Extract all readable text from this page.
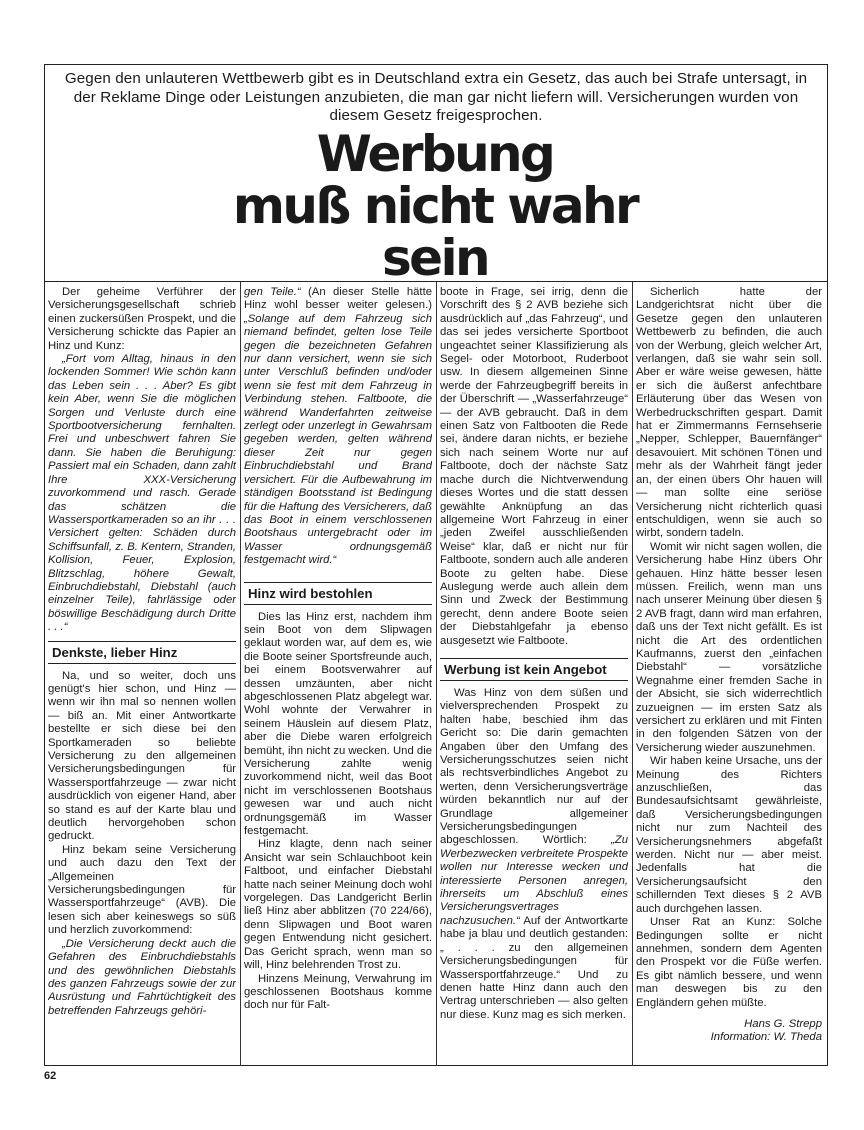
Gegen den unlauteren Wettbewerb gibt es in Deutschland extra ein Gesetz, das auch bei Strafe untersagt, in der Reklame Dinge oder Leistungen anzubieten, die man gar nicht liefern will. Versicherungen wurden von diesem Gesetz freigesprochen.
Werbung
muß nicht wahr
sein

Der geheime Verführer der Versicherungsgesellschaft schrieb einen zuckersüßen Prospekt, und die Versicherung schickte das Papier an Hinz und Kunz:

„Fort vom Alltag, hinaus in den lockenden Sommer! Wie schön kann das Leben sein . . . Aber? Es gibt kein Aber, wenn Sie die möglichen Sorgen und Verluste durch eine Sportbootversicherung fernhalten. Frei und unbeschwert fahren Sie dann. Sie haben die Beruhigung: Passiert mal ein Schaden, dann zahlt Ihre XXX-Versicherung zuvorkommend und rasch. Gerade das schätzen die Wassersportkameraden so an ihr . . . Versichert gelten: Schäden durch Schiffsunfall, z. B. Kentern, Stranden, Kollision, Feuer, Explosion, Blitzschlag, höhere Gewalt, Einbruchdiebstahl, Diebstahl (auch einzelner Teile), fahrlässige oder böswillige Beschädigung durch Dritte . . .“

Denkste, lieber Hinz

Na, und so weiter, doch uns genügt's hier schon, und Hinz — wenn wir ihn mal so nennen wollen — biß an. Mit einer Antwortkarte bestellte er sich diese bei den Sportkameraden so beliebte Versicherung zu den allgemeinen Versicherungsbedingungen für Wassersportfahrzeuge — zwar nicht ausdrücklich von eigener Hand, aber so stand es auf der Karte blau und deutlich hervorgehoben schon gedruckt.

Hinz bekam seine Versicherung und auch dazu den Text der „Allgemeinen Versicherungsbedingungen für Wassersportfahrzeuge“ (AVB). Die lesen sich aber keineswegs so süß und herzlich zuvorkommend:

„Die Versicherung deckt auch die Gefahren des Einbruchdiebstahls und des gewöhnlichen Diebstahls des ganzen Fahrzeugs sowie der zur Ausrüstung und Fahrtüchtigkeit des betreffenden Fahrzeugs gehöri-

gen Teile.“ (An dieser Stelle hätte Hinz wohl besser weiter gelesen.) „Solange auf dem Fahrzeug sich niemand befindet, gelten lose Teile gegen die bezeichneten Gefahren nur dann versichert, wenn sie sich unter Verschluß befinden und/oder wenn sie fest mit dem Fahrzeug in Verbindung stehen. Faltboote, die während Wanderfahrten zeitweise zerlegt oder unzerlegt in Gewahrsam gegeben werden, gelten während dieser Zeit nur gegen Einbruchdiebstahl und Brand versichert. Für die Aufbewahrung im ständigen Bootsstand ist Bedingung für die Haftung des Versicherers, daß das Boot in einem verschlossenen Bootshaus untergebracht oder im Wasser ordnungsgemäß festgemacht wird.“

Hinz wird bestohlen

Dies las Hinz erst, nachdem ihm sein Boot von dem Slipwagen geklaut worden war, auf dem es, wie die Boote seiner Sportsfreunde auch, bei einem Bootsverwahrer auf dessen umzäunten, aber nicht abgeschlossenen Platz abgelegt war. Wohl wohnte der Verwahrer in seinem Häuslein auf diesem Platz, aber die Diebe waren erfolgreich bemüht, ihn nicht zu wecken. Und die Versicherung zahlte wenig zuvorkommend nicht, weil das Boot nicht im verschlossenen Bootshaus gewesen war und auch nicht ordnungsgemäß im Wasser festgemacht.

Hinz klagte, denn nach seiner Ansicht war sein Schlauchboot kein Faltboot, und einfacher Diebstahl hatte nach seiner Meinung doch wohl vorgelegen. Das Landgericht Berlin ließ Hinz aber abblitzen (70 224/66), denn Slipwagen und Boot waren gegen Entwendung nicht gesichert. Das Gericht sprach, wenn man so will, Hinz belehrenden Trost zu.

Hinzens Meinung, Verwahrung im geschlossenen Bootshaus komme doch nur für Falt-

boote in Frage, sei irrig, denn die Vorschrift des § 2 AVB beziehe sich ausdrücklich auf „das Fahrzeug“, und das sei jedes versicherte Sportboot ungeachtet seiner Klassifizierung als Segel- oder Motorboot, Ruderboot usw. In diesem allgemeinen Sinne werde der Fahrzeugbegriff bereits in der Überschrift — „Wasserfahrzeuge“ — der AVB gebraucht. Daß in dem einen Satz von Faltbooten die Rede sei, ändere daran nichts, er beziehe sich nach seinem Worte nur auf Faltboote, doch der nächste Satz mache durch die Nichtverwendung dieses Wortes und die statt dessen gewählte Anknüpfung an das allgemeine Wort Fahrzeug in einer „jeden Zweifel ausschließenden Weise“ klar, daß er nicht nur für Faltboote, sondern auch alle anderen Boote zu gelten habe. Diese Auslegung werde auch allein dem Sinn und Zweck der Bestimmung gerecht, denn andere Boote seien der Diebstahlgefahr ja ebenso ausgesetzt wie Faltboote.

Werbung ist kein Angebot

Was Hinz von dem süßen und vielversprechenden Prospekt zu halten habe, beschied ihm das Gericht so: Die darin gemachten Angaben über den Umfang des Versicherungsschutzes seien nicht als rechtsverbindliches Angebot zu werten, denn Versicherungsverträge würden bekanntlich nur auf der Grundlage allgemeiner Versicherungsbedingungen abgeschlossen. Wörtlich: „Zu Werbezwecken verbreitete Prospekte wollen nur Interesse wecken und interessierte Personen anregen, ihrerseits um Abschluß eines Versicherungsvertrages nachzusuchen.“ Auf der Antwortkarte habe ja blau und deutlich gestanden: „ . . . zu den allgemeinen Versicherungsbedingungen für Wassersportfahrzeuge.“ Und zu denen hatte Hinz dann auch den Vertrag unterschrieben — also gelten nur diese. Kunz mag es sich merken.

Sicherlich hatte der Landgerichtsrat nicht über die Gesetze gegen den unlauteren Wettbewerb zu befinden, die auch von der Werbung, gleich welcher Art, verlangen, daß sie wahr sein soll. Aber er wäre weise gewesen, hätte er sich die äußerst anfechtbare Erläuterung über das Wesen von Werbedruckschriften gespart. Damit hat er Zimmermanns Fernsehserie „Nepper, Schlepper, Bauernfänger“ desavouiert. Mit schönen Tönen und mehr als der Wahrheit fängt jeder an, der einen übers Ohr hauen will — man sollte eine seriöse Versicherung nicht richterlich quasi entschuldigen, wenn sie auch so wirbt, sondern tadeln.

Womit wir nicht sagen wollen, die Versicherung habe Hinz übers Ohr gehauen. Hinz hätte besser lesen müssen. Freilich, wenn man uns nach unserer Meinung über diesen § 2 AVB fragt, dann wird man erfahren, daß uns der Text nicht gefällt. Es ist nicht die Art des ordentlichen Kaufmanns, zuerst den „einfachen Diebstahl“ — vorsätzliche Wegnahme einer fremden Sache in der Absicht, sie sich widerrechtlich zuzueignen — im ersten Satz als versichert zu erklären und mit Finten in den folgenden Sätzen von der Versicherung wieder auszunehmen.

Wir haben keine Ursache, uns der Meinung des Richters anzuschließen, das Bundesaufsichtsamt gewährleiste, daß Versicherungsbedingungen nicht nur zum Nachteil des Versicherungsnehmers abgefaßt werden. Nicht nur — aber meist. Jedenfalls hat die Versicherungsaufsicht den schillernden Text dieses § 2 AVB auch durchgehen lassen.

Unser Rat an Kunz: Solche Bedingungen sollte er nicht annehmen, sondern dem Agenten den Prospekt vor die Füße werfen. Es gibt nämlich bessere, und wenn man deswegen bis zu den Engländern gehen müßte.

Hans G. Strepp

Information: W. Theda

62
